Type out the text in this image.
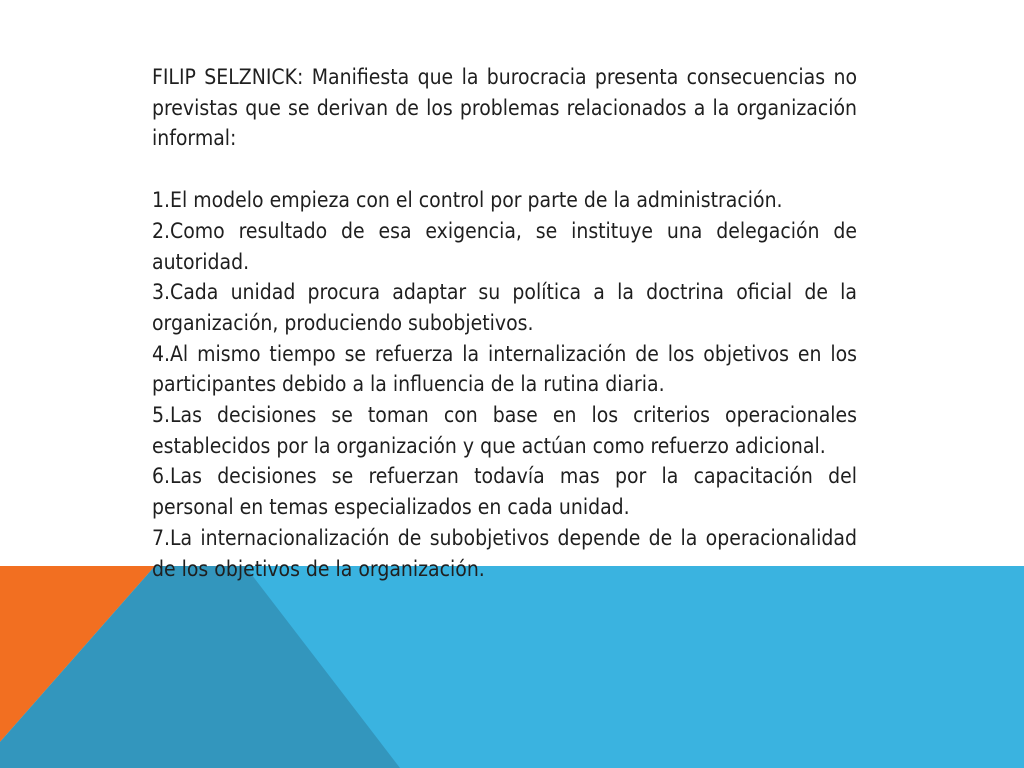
FILIP SELZNICK: Manifiesta que la burocracia presenta consecuencias no previstas que se derivan de los problemas relacionados a la organización informal:

1.El modelo empieza con el control por parte de la administración.

2.Como resultado de esa exigencia, se instituye una delegación de autoridad.

3.Cada unidad procura adaptar su política a la doctrina oficial de la organización, produciendo subobjetivos.

4.Al mismo tiempo se refuerza la internalización de los objetivos en los participantes debido a la influencia de la rutina diaria.

5.Las decisiones se toman con base en los criterios operacionales establecidos por la organización y que actúan como refuerzo adicional.

6.Las decisiones se refuerzan todavía mas por la capacitación del personal en temas especializados en cada unidad.

7.La internacionalización de subobjetivos depende de la operacionalidad de los objetivos de la organización.
